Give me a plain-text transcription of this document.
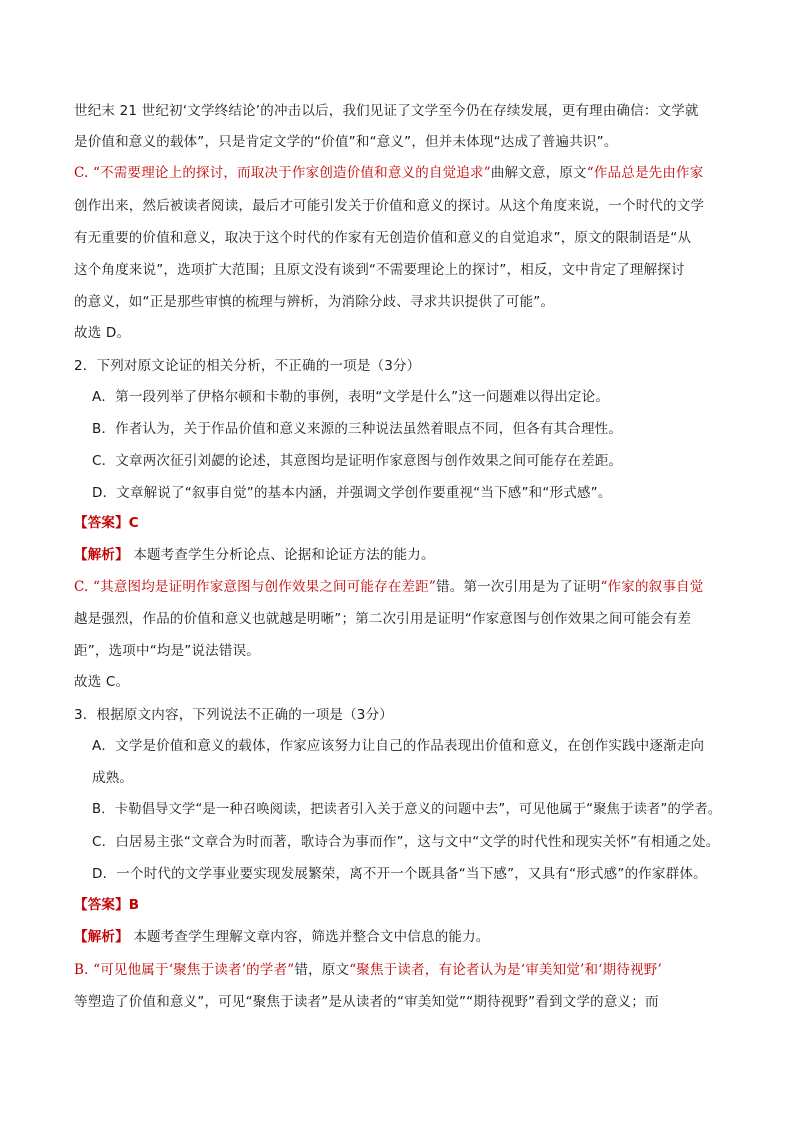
世纪末 21 世纪初‘文学终结论’的冲击以后，我们见证了文学至今仍在存续发展，更有理由确信：文学就
是价值和意义的载体”，只是肯定文学的“价值”和“意义”，但并未体现“达成了普遍共识”。
C. “不需要理论上的探讨，而取决于作家创造价值和意义的自觉追求”曲解文意，原文“作品总是先由作家
创作出来，然后被读者阅读，最后才可能引发关于价值和意义的探讨。从这个角度来说，一个时代的文学
有无重要的价值和意义，取决于这个时代的作家有无创造价值和意义的自觉追求”，原文的限制语是“从
这个角度来说”，选项扩大范围；且原文没有谈到“不需要理论上的探讨”，相反，文中肯定了理解探讨
的意义，如“正是那些审慎的梳理与辨析，为消除分歧、寻求共识提供了可能”。
故选 D。
2．下列对原文论证的相关分析，不正确的一项是（3分）
A．第一段列举了伊格尔顿和卡勒的事例，表明“文学是什么”这一问题难以得出定论。
B．作者认为，关于作品价值和意义来源的三种说法虽然着眼点不同，但各有其合理性。
C．文章两次征引刘勰的论述，其意图均是证明作家意图与创作效果之间可能存在差距。
D．文章解说了“叙事自觉”的基本内涵，并强调文学创作要重视“当下感”和“形式感”。
【答案】C
【解析】 本题考查学生分析论点、论据和论证方法的能力。
C. “其意图均是证明作家意图与创作效果之间可能存在差距”错。第一次引用是为了证明“作家的叙事自觉
越是强烈，作品的价值和意义也就越是明晰”；第二次引用是证明“作家意图与创作效果之间可能会有差
距”，选项中“均是”说法错误。
故选 C。
3．根据原文内容，下列说法不正确的一项是（3分）
A．文学是价值和意义的载体，作家应该努力让自己的作品表现出价值和意义，在创作实践中逐渐走向
成熟。
B．卡勒倡导文学“是一种召唤阅读，把读者引入关于意义的问题中去”，可见他属于“聚焦于读者”的学者。
C．白居易主张“文章合为时而著，歌诗合为事而作”，这与文中“文学的时代性和现实关怀”有相通之处。
D．一个时代的文学事业要实现发展繁荣，离不开一个既具备“当下感”，又具有“形式感”的作家群体。
【答案】B
【解析】 本题考查学生理解文章内容，筛选并整合文中信息的能力。
B. “可见他属于‘聚焦于读者’的学者”错，原文“聚焦于读者，有论者认为是‘审美知觉’和‘期待视野’
等塑造了价值和意义”，可见“聚焦于读者”是从读者的“审美知觉”“期待视野”看到文学的意义；而
